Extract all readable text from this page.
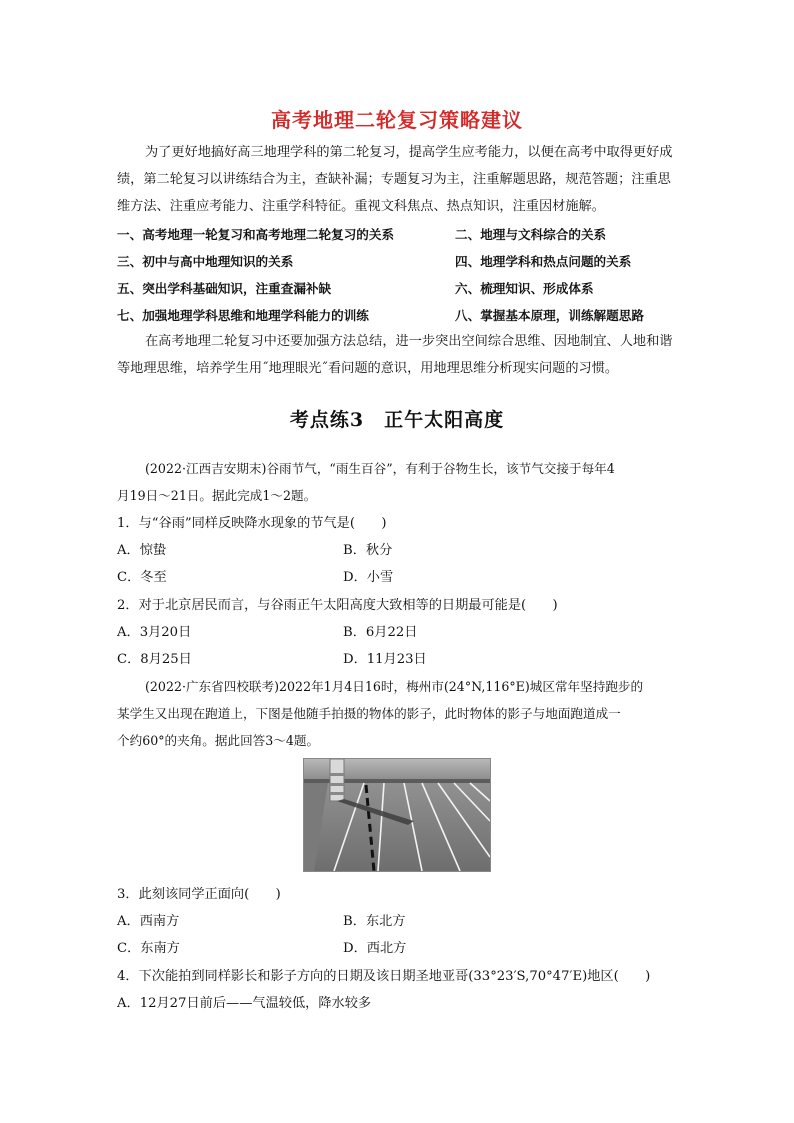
高考地理二轮复习策略建议
为了更好地搞好高三地理学科的第二轮复习，提高学生应考能力，以便在高考中取得更好成绩，第二轮复习以讲练结合为主，查缺补漏；专题复习为主，注重解题思路，规范答题；注重思维方法、注重应考能力、注重学科特征。重视文科焦点、热点知识，注重因材施解。
一、高考地理一轮复习和高考地理二轮复习的关系	二、地理与文科综合的关系
三、初中与高中地理知识的关系	四、地理学科和热点问题的关系
五、突出学科基础知识，注重查漏补缺	六、梳理知识、形成体系
七、加强地理学科思维和地理学科能力的训练	八、掌握基本原理，训练解题思路
在高考地理二轮复习中还要加强方法总结，进一步突出空间综合思维、因地制宜、人地和谐等地理思维，培养学生用˝地理眼光˝看问题的意识，用地理思维分析现实问题的习惯。
考点练3　正午太阳高度
(2022·江西吉安期末)谷雨节气，“雨生百谷”，有利于谷物生长，该节气交接于每年4
月19日～21日。据此完成1～2题。
1．与“谷雨”同样反映降水现象的节气是(　　)
A．惊蛰	B．秋分
C．冬至	D．小雪
2．对于北京居民而言，与谷雨正午太阳高度大致相等的日期最可能是(　　)
A．3月20日	B．6月22日
C．8月25日	D．11月23日
(2022·广东省四校联考)2022年1月4日16时，梅州市(24°N,116°E)城区常年坚持跑步的
某学生又出现在跑道上，下图是他随手拍摄的物体的影子，此时物体的影子与地面跑道成一
个约60°的夹角。据此回答3～4题。
3．此刻该同学正面向(　　)
A．西南方	B．东北方
C．东南方	D．西北方
4．下次能拍到同样影长和影子方向的日期及该日期圣地亚哥(33°23′S,70°47′E)地区(　　)
A．12月27日前后——气温较低，降水较多
